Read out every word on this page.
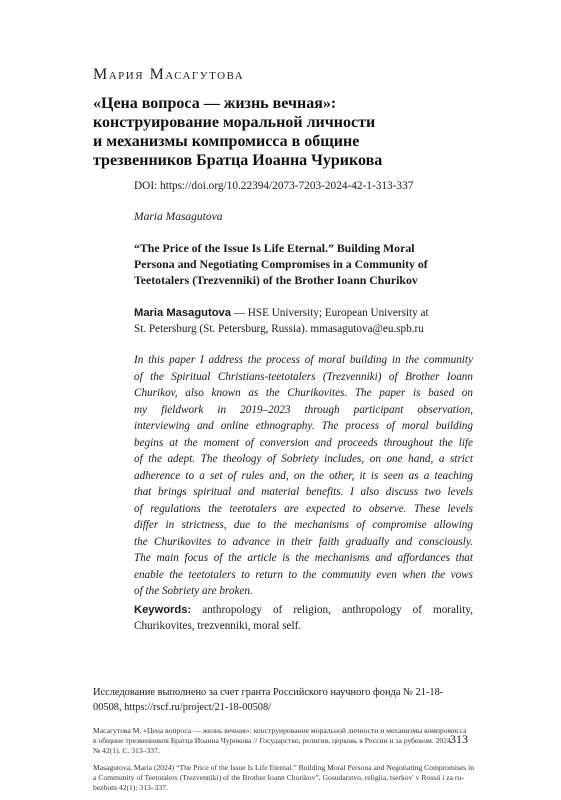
Мария Масагутова
«Цена вопроса — жизнь вечная»:
конструирование моральной личности
и механизмы компромисса в общине
трезвенников Братца Иоанна Чурикова
DOI: https://doi.org/10.22394/2073-7203-2024-42-1-313-337
Maria Masagutova
“The Price of the Issue Is Life Eternal.” Building Moral
Persona and Negotiating Compromises in a Community of
Teetotalers (Trezvenniki) of the Brother Ioann Churikov
Maria Masagutova — HSE University; European University at
St. Petersburg (St. Petersburg, Russia). mmasagutova@eu.spb.ru
In this paper I address the process of moral building in the community
of the Spiritual Christians-teetotalers (Trezvenniki) of Brother Ioann
Churikov, also known as the Churikovites. The paper is based on
my fieldwork in 2019–2023 through participant observation,
interviewing and online ethnography. The process of moral building
begins at the moment of conversion and proceeds throughout the life
of the adept. The theology of Sobriety includes, on one hand, a strict
adherence to a set of rules and, on the other, it is seen as a teaching
that brings spiritual and material benefits. I also discuss two levels
of regulations the teetotalers are expected to observe. These levels
differ in strictness, due to the mechanisms of compromise allowing
the Churikovites to advance in their faith gradually and consciously.
The main focus of the article is the mechanisms and affordances that
enable the teetotalers to return to the community even when the vows
of the Sobriety are broken.
Keywords: anthropology of religion, anthropology of morality,
Churikovites, trezvenniki, moral self.
Исследование выполнено за счет гранта Российского научного фонда № 21-18-
00508, https://rscf.ru/project/21-18-00508/
Масагутова М. «Цена вопроса — жизнь вечная»: конструирование моральной личности и механизмы компромисса
в общине трезвенников Братца Иоанна Чурикова // Государство, религия, церковь в России и за рубежом. 2024.
№ 42(1). С. 313–337.
Masagutova, Maria (2024) “The Price of the Issue Is Life Eternal.” Building Moral Persona and Negotiating Compromises in
a Community of Teetotalers (Trezvenniki) of the Brother Ioann Churikov”, Gosudarstvo, religiia, tserkov' v Rossii i za ru-
bezhom 42(1): 313–337.
313
